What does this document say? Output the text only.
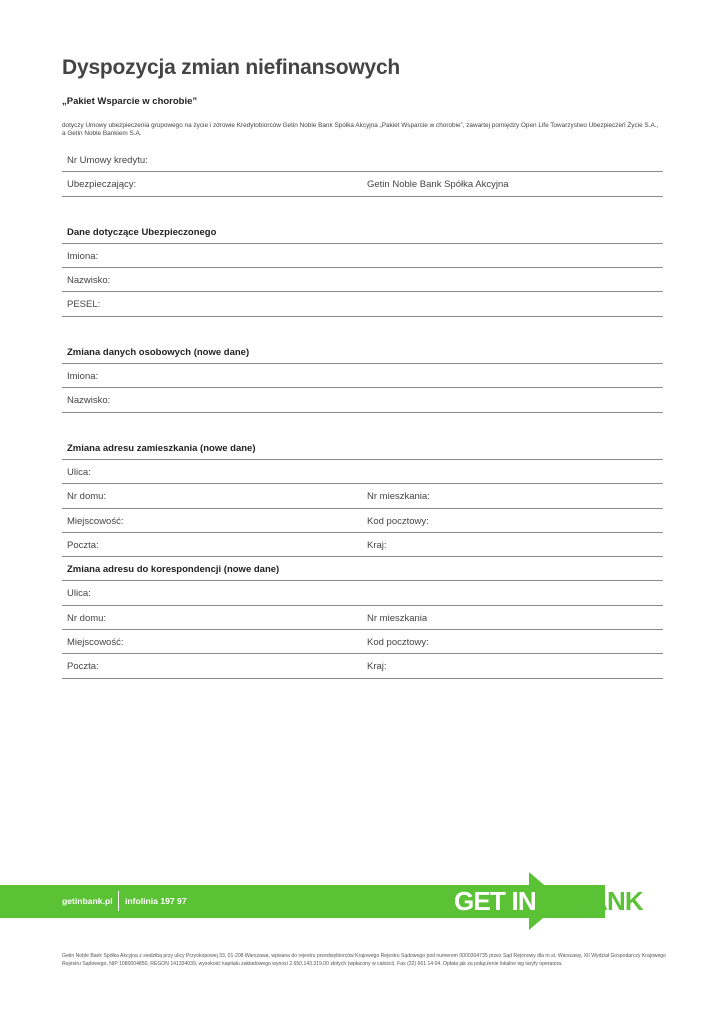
Dyspozycja zmian niefinansowych
„Pakiet Wsparcie w chorobie”
dotyczy Umowy ubezpieczenia grupowego na życie i zdrowie Kredytobiorców Getin Noble Bank Spółka Akcyjna „Pakiet Wsparcie w chorobie”, zawartej pomiędzy Open Life Towarzystwo Ubezpieczeń Życie S.A., a Getin Noble Bankiem S.A.
Nr Umowy kredytu:
Ubezpieczający:	Getin Noble Bank Spółka Akcyjna
Dane dotyczące Ubezpieczonego
Imiona:
Nazwisko:
PESEL:
Zmiana danych osobowych (nowe dane)
Imiona:
Nazwisko:
Zmiana adresu zamieszkania (nowe dane)
Ulica:
Nr domu:	Nr mieszkania:
Miejscowość:	Kod pocztowy:
Poczta:	Kraj:
Zmiana adresu do korespondencji (nowe dane)
Ulica:
Nr domu:	Nr mieszkania
Miejscowość:	Kod pocztowy:
Poczta:	Kraj:
getinbank.pl infolinia 197 97	GET IN BANK
Getin Noble Bank Spółka Akcyjna z siedzibą przy ulicy Przyokopowej 33, 01-208 Warszawa, wpisana do rejestru przedsiębiorców Krajowego Rejestru Sądowego pod numerem 0000304735 przez Sąd Rejonowy dla m.st. Warszawy, XII Wydział Gospodarczy Krajowego Rejestru Sądowego, NIP 1080004850, REGON 141334039, wysokość kapitału zakładowego wynosi 2.650.143.319,00 złotych (wpłacony w całości). Fax (32) 661 14 04. Opłata jak za połączenie lokalne wg taryfy operatora.
